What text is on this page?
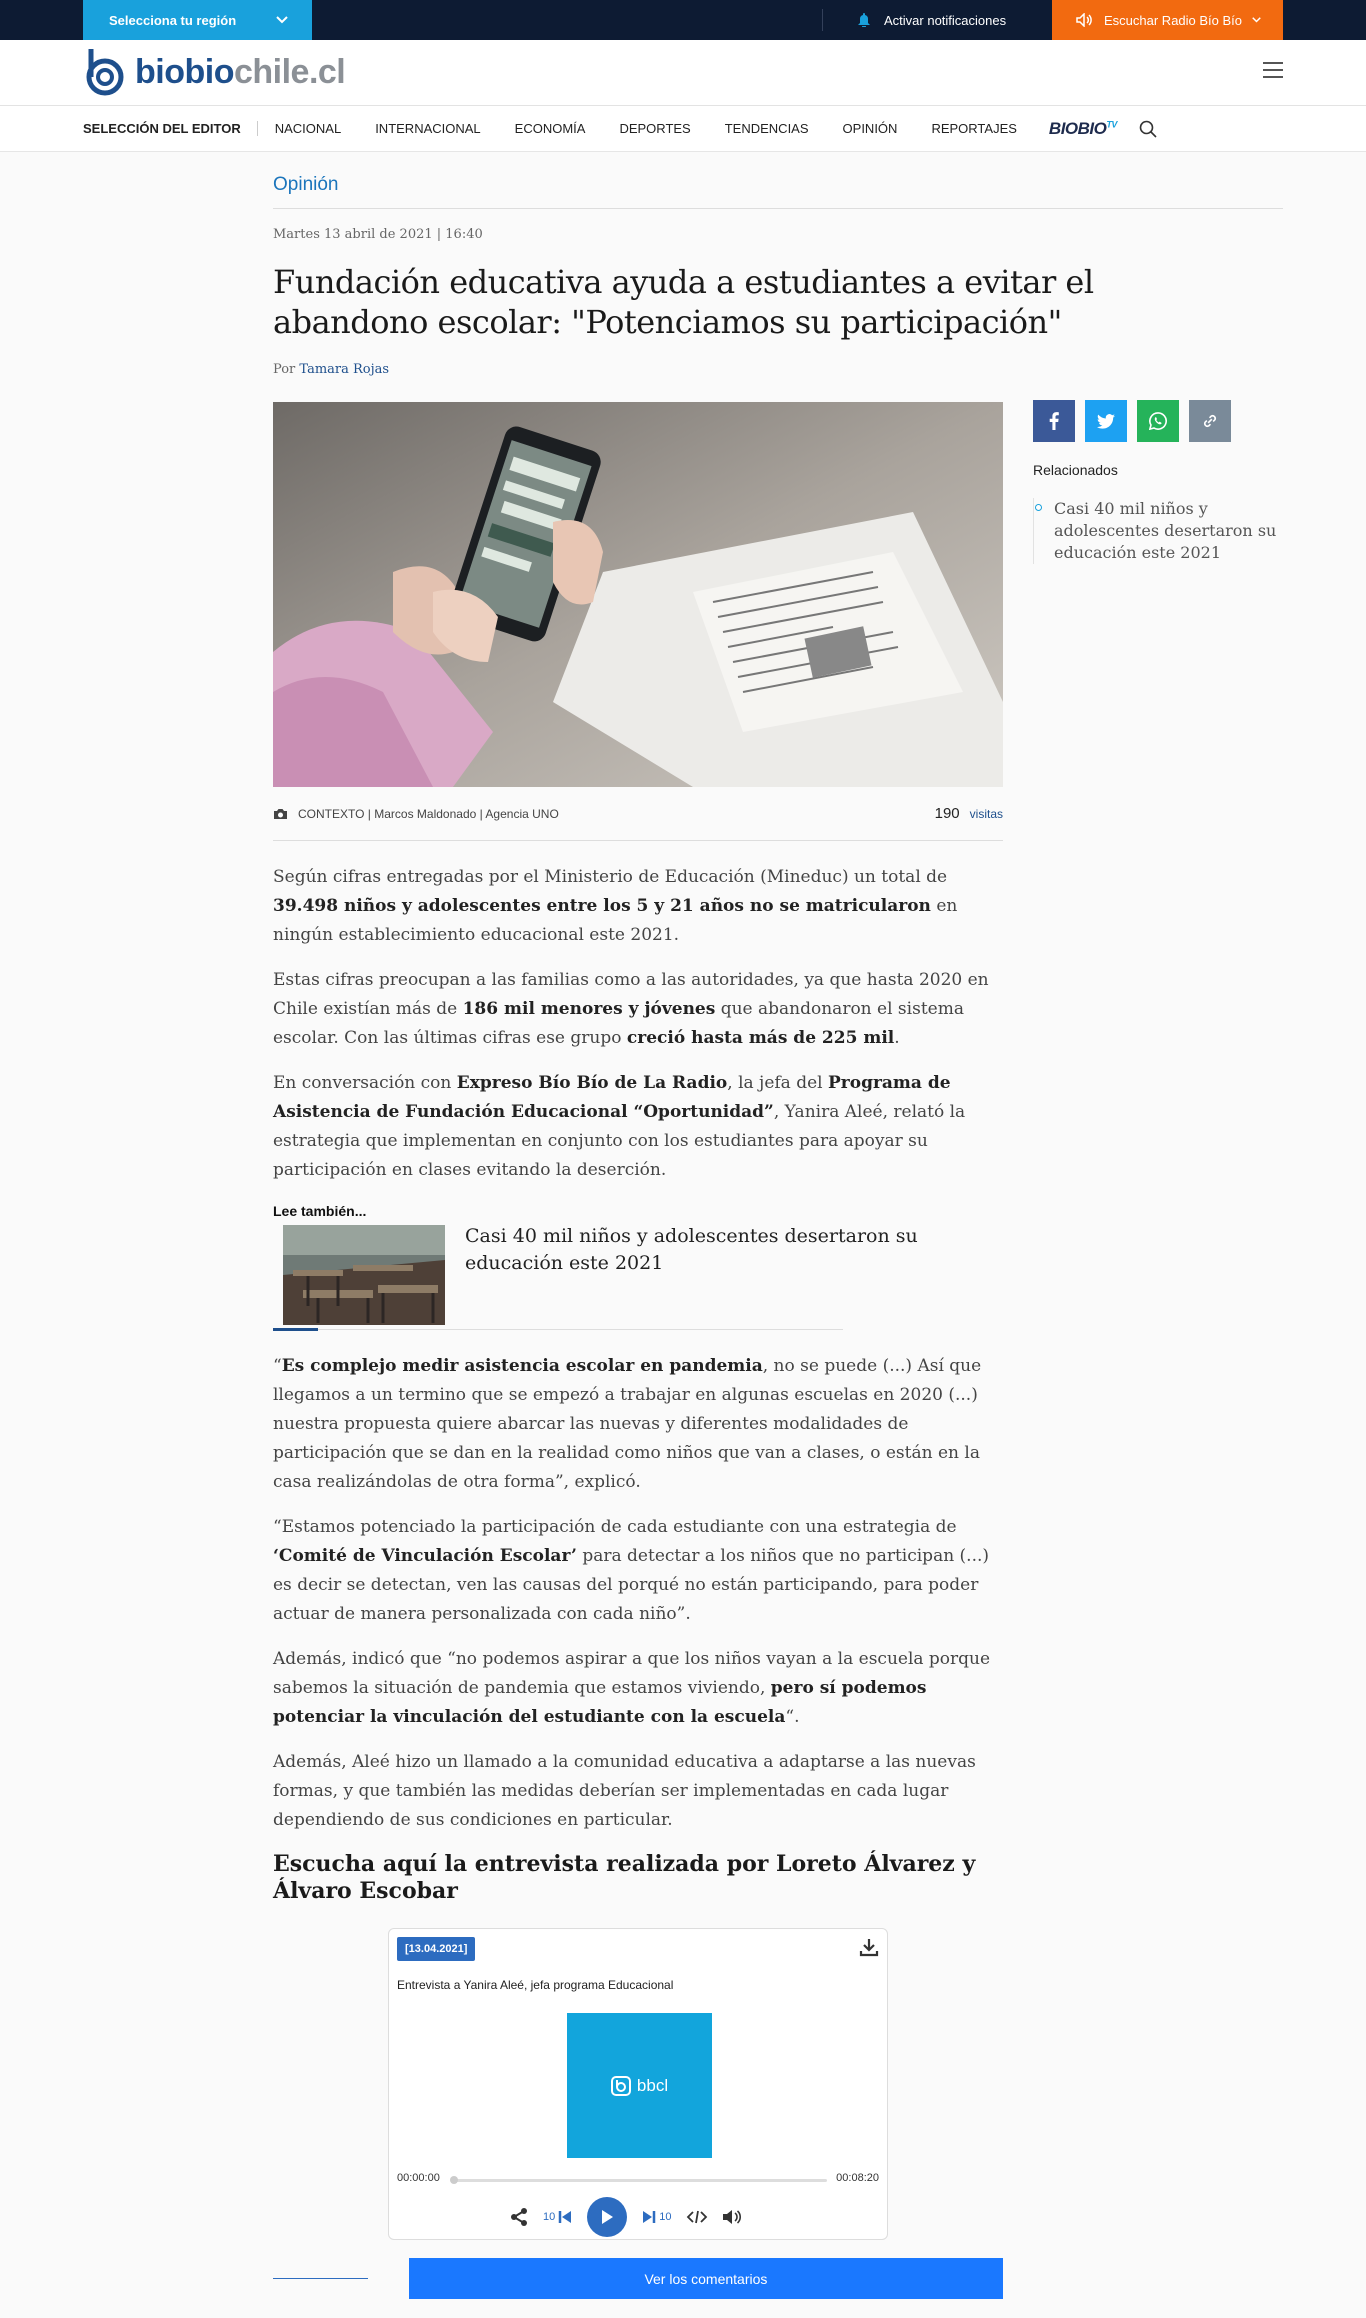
Selecciona tu región	Activar notificaciones	Escuchar Radio Bío Bío
biobiochile.cl
SELECCIÓN DEL EDITOR	NACIONAL	INTERNACIONAL	ECONOMÍA	DEPORTES	TENDENCIAS	OPINIÓN	REPORTAJES	$BIOBIO^{TV}$
Opinión
Martes 13 abril de 2021 | 16:40
Fundación educativa ayuda a estudiantes a evitar el abandono escolar: "Potenciamos su participación"
Por Tamara Rojas
CONTEXTO | Marcos Maldonado | Agencia UNO	190 visitas

Según cifras entregadas por el Ministerio de Educación (Mineduc) un total de 39.498 niños y adolescentes entre los 5 y 21 años no se matricularon en ningún establecimiento educacional este 2021.

Estas cifras preocupan a las familias como a las autoridades, ya que hasta 2020 en Chile existían más de 186 mil menores y jóvenes que abandonaron el sistema escolar. Con las últimas cifras ese grupo creció hasta más de 225 mil.

En conversación con Expreso Bío Bío de La Radio, la jefa del Programa de Asistencia de Fundación Educacional “Oportunidad”, Yanira Aleé, relató la estrategia que implementan en conjunto con los estudiantes para apoyar su participación en clases evitando la deserción.

Lee también...
Casi 40 mil niños y adolescentes desertaron su educación este 2021

“Es complejo medir asistencia escolar en pandemia, no se puede (...) Así que llegamos a un termino que se empezó a trabajar en algunas escuelas en 2020 (...) nuestra propuesta quiere abarcar las nuevas y diferentes modalidades de participación que se dan en la realidad como niños que van a clases, o están en la casa realizándolas de otra forma”, explicó.

“Estamos potenciado la participación de cada estudiante con una estrategia de ‘Comité de Vinculación Escolar’ para detectar a los niños que no participan (...) es decir se detectan, ven las causas del porqué no están participando, para poder actuar de manera personalizada con cada niño”.

Además, indicó que “no podemos aspirar a que los niños vayan a la escuela porque sabemos la situación de pandemia que estamos viviendo, pero sí podemos potenciar la vinculación del estudiante con la escuela“.

Además, Aleé hizo un llamado a la comunidad educativa a adaptarse a las nuevas formas, y que también las medidas deberían ser implementadas en cada lugar dependiendo de sus condiciones en particular.

Escucha aquí la entrevista realizada por Loreto Álvarez y Álvaro Escobar
[13.04.2021]
Entrevista a Yanira Aleé, jefa programa Educacional
bbcl
00:00:00	00:08:20
10	10
Ver los comentarios
Relacionados
Casi 40 mil niños y adolescentes desertaron su educación este 2021
